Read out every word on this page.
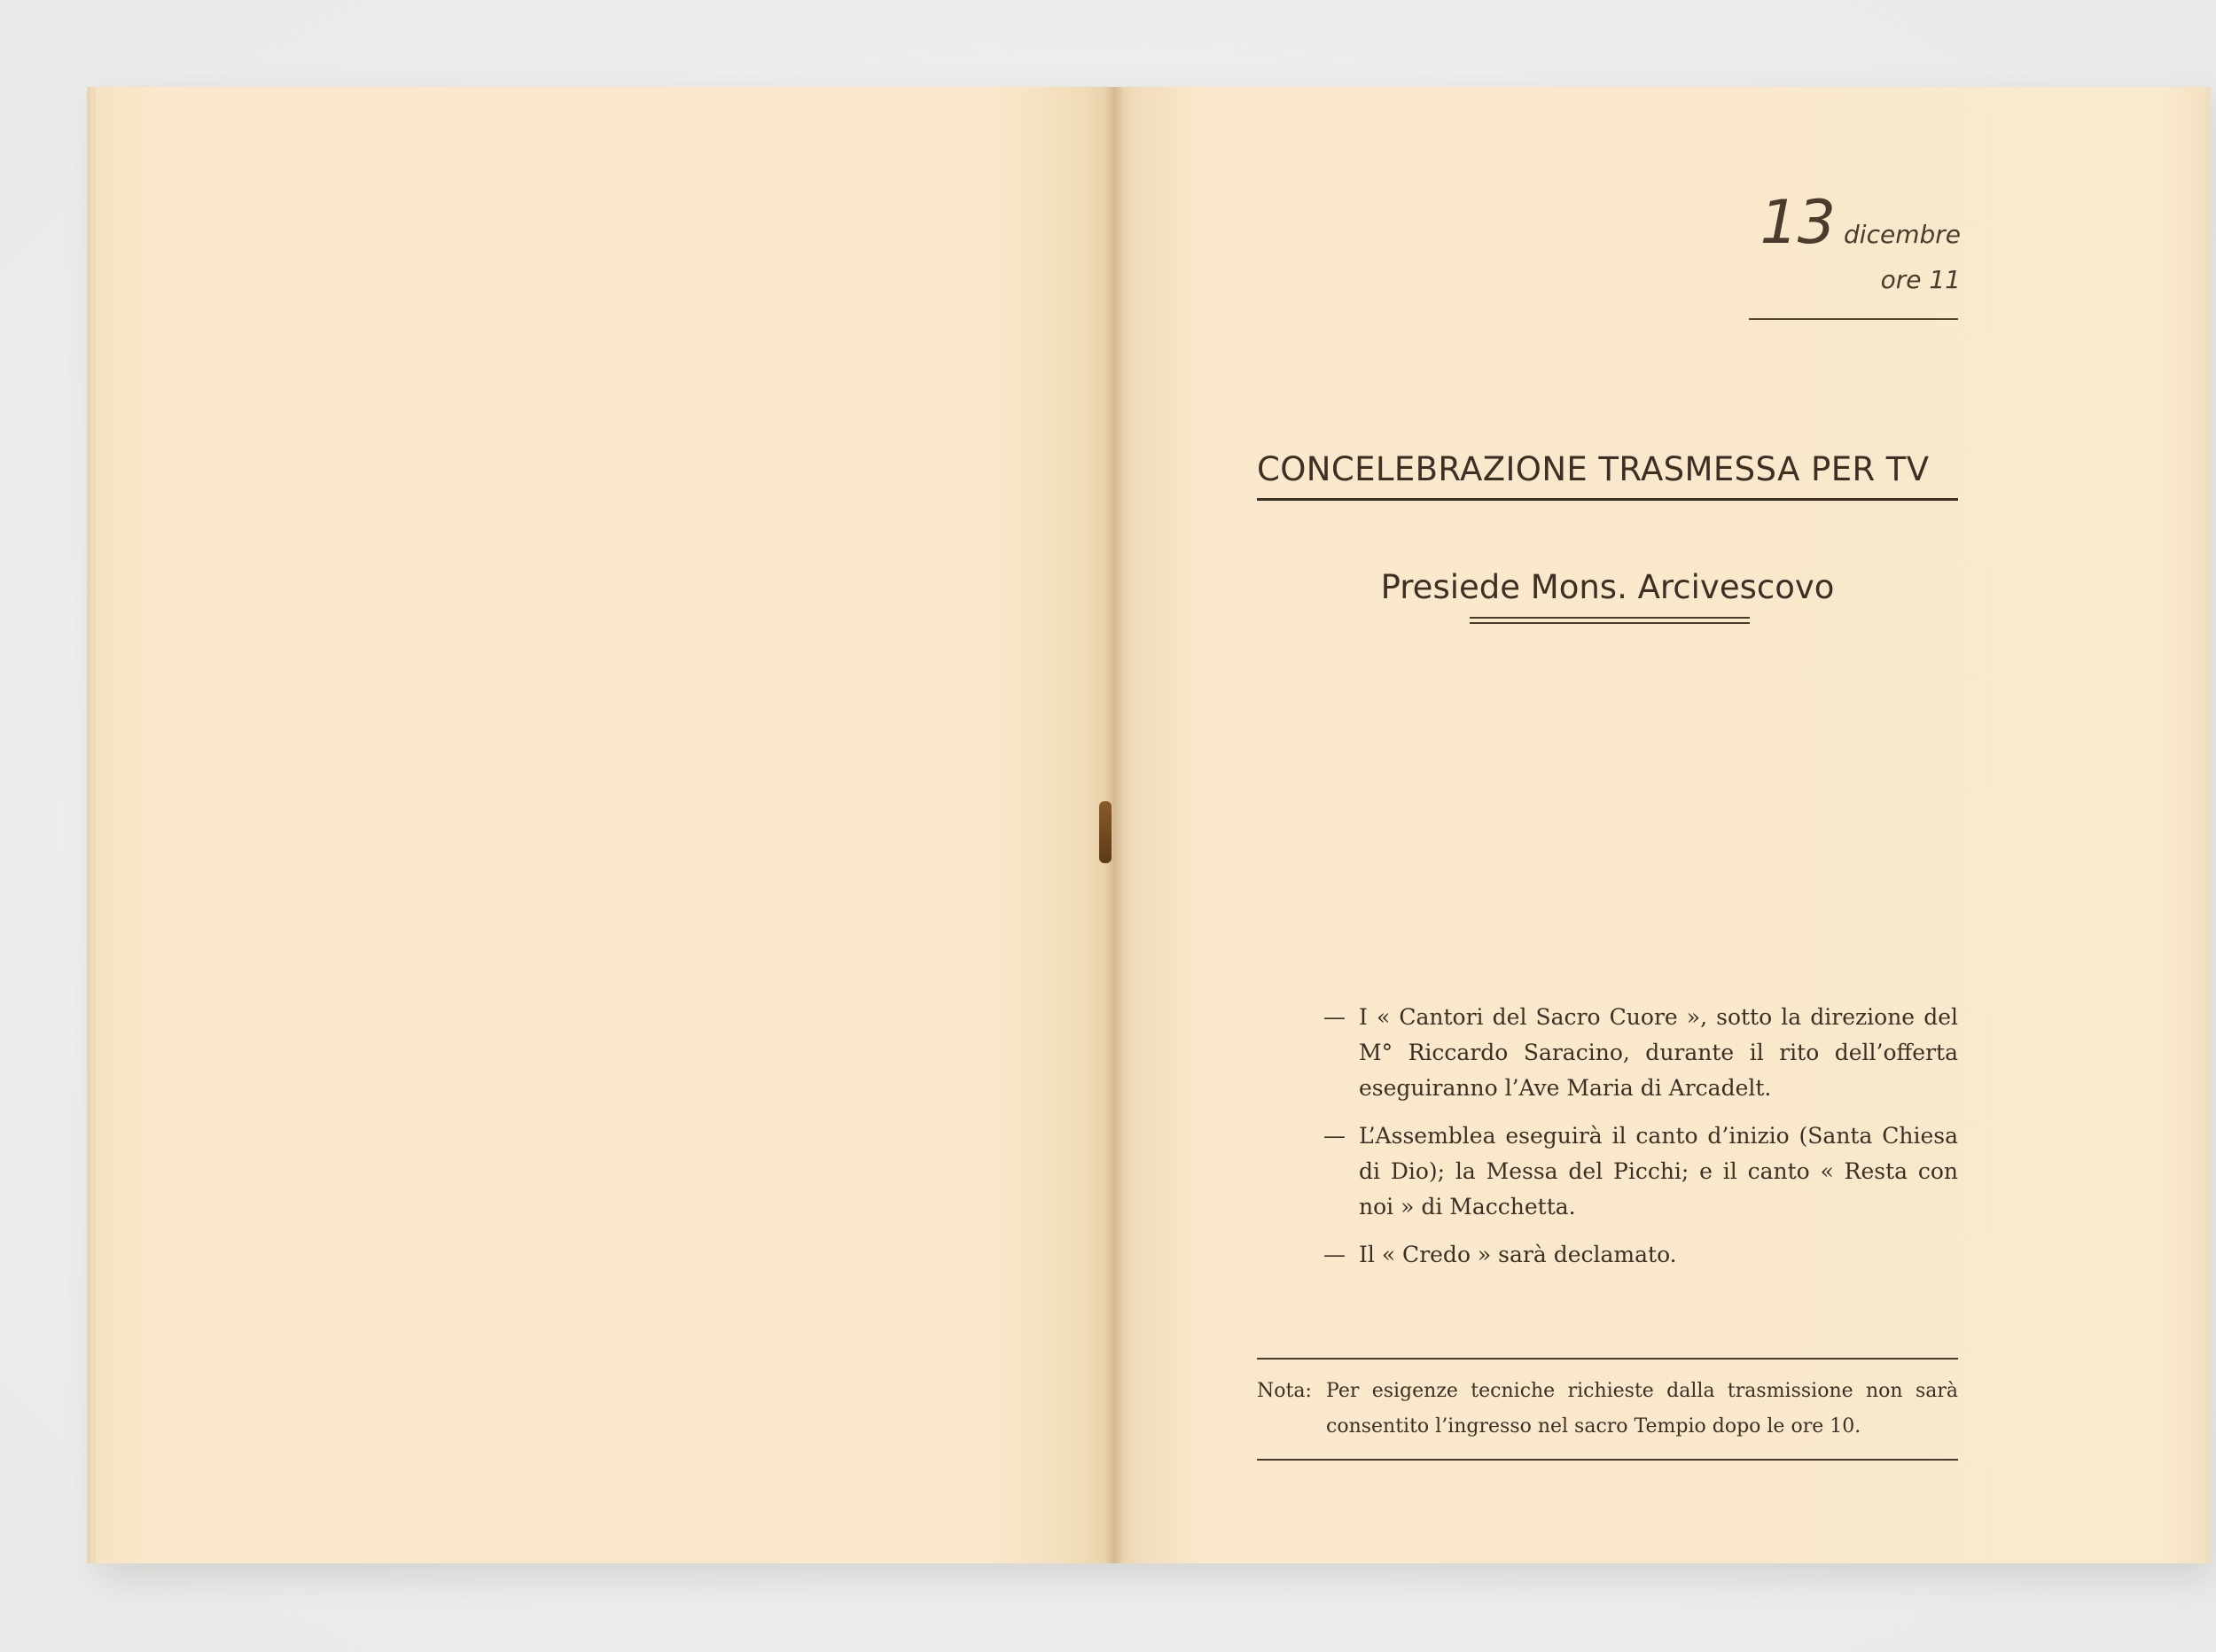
13 dicembre
ore 11
CONCELEBRAZIONE TRASMESSA PER TV
Presiede Mons. Arcivescovo
— I « Cantori del Sacro Cuore », sotto la direzione del M° Riccardo Saracino, durante il rito dell’offerta eseguiranno l’Ave Maria di Arcadelt.
— L’Assemblea eseguirà il canto d’inizio (Santa Chiesa di Dio); la Messa del Picchi; e il canto « Resta con noi » di Macchetta.
— Il « Credo » sarà declamato.
Nota: Per esigenze tecniche richieste dalla trasmissione non sarà consentito l’ingresso nel sacro Tempio dopo le ore 10.
